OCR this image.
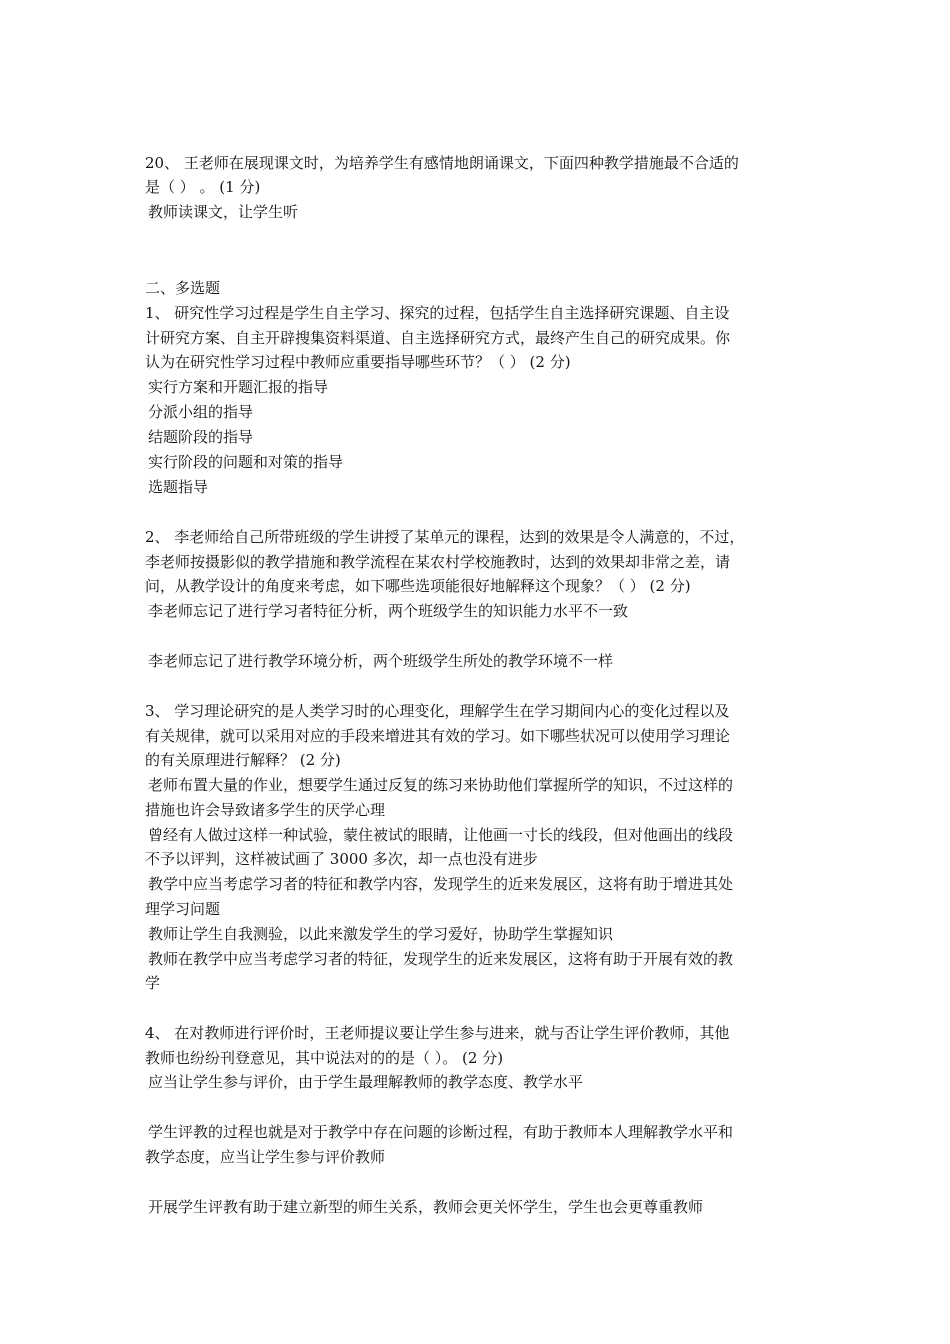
20、 王老师在展现课文时，为培养学生有感情地朗诵课文，下面四种教学措施最不合适的
是（ ） 。 (1 分)
教师读课文，让学生听
二、多选题
1、 研究性学习过程是学生自主学习、探究的过程，包括学生自主选择研究课题、自主设
计研究方案、自主开辟搜集资料渠道、自主选择研究方式，最终产生自己的研究成果。你
认为在研究性学习过程中教师应重要指导哪些环节？（ ） (2 分)
实行方案和开题汇报的指导
分派小组的指导
结题阶段的指导
实行阶段的问题和对策的指导
选题指导
2、 李老师给自己所带班级的学生讲授了某单元的课程，达到的效果是令人满意的，不过，
李老师按摄影似的教学措施和教学流程在某农村学校施教时，达到的效果却非常之差，请
问，从教学设计的角度来考虑，如下哪些选项能很好地解释这个现象？（ ） (2 分)
李老师忘记了进行学习者特征分析，两个班级学生的知识能力水平不一致
李老师忘记了进行教学环境分析，两个班级学生所处的教学环境不一样
3、 学习理论研究的是人类学习时的心理变化，理解学生在学习期间内心的变化过程以及
有关规律，就可以采用对应的手段来增进其有效的学习。如下哪些状况可以使用学习理论
的有关原理进行解释？ (2 分)
老师布置大量的作业，想要学生通过反复的练习来协助他们掌握所学的知识，不过这样的
措施也许会导致诸多学生的厌学心理
曾经有人做过这样一种试验，蒙住被试的眼睛，让他画一寸长的线段，但对他画出的线段
不予以评判，这样被试画了 3000 多次，却一点也没有进步
教学中应当考虑学习者的特征和教学内容，发现学生的近来发展区，这将有助于增进其处
理学习问题
教师让学生自我测验，以此来激发学生的学习爱好，协助学生掌握知识
教师在教学中应当考虑学习者的特征，发现学生的近来发展区，这将有助于开展有效的教
学
4、 在对教师进行评价时，王老师提议要让学生参与进来，就与否让学生评价教师，其他
教师也纷纷刊登意见，其中说法对的的是（ ）。 (2 分)
应当让学生参与评价，由于学生最理解教师的教学态度、教学水平
学生评教的过程也就是对于教学中存在问题的诊断过程，有助于教师本人理解教学水平和
教学态度，应当让学生参与评价教师
开展学生评教有助于建立新型的师生关系，教师会更关怀学生，学生也会更尊重教师
